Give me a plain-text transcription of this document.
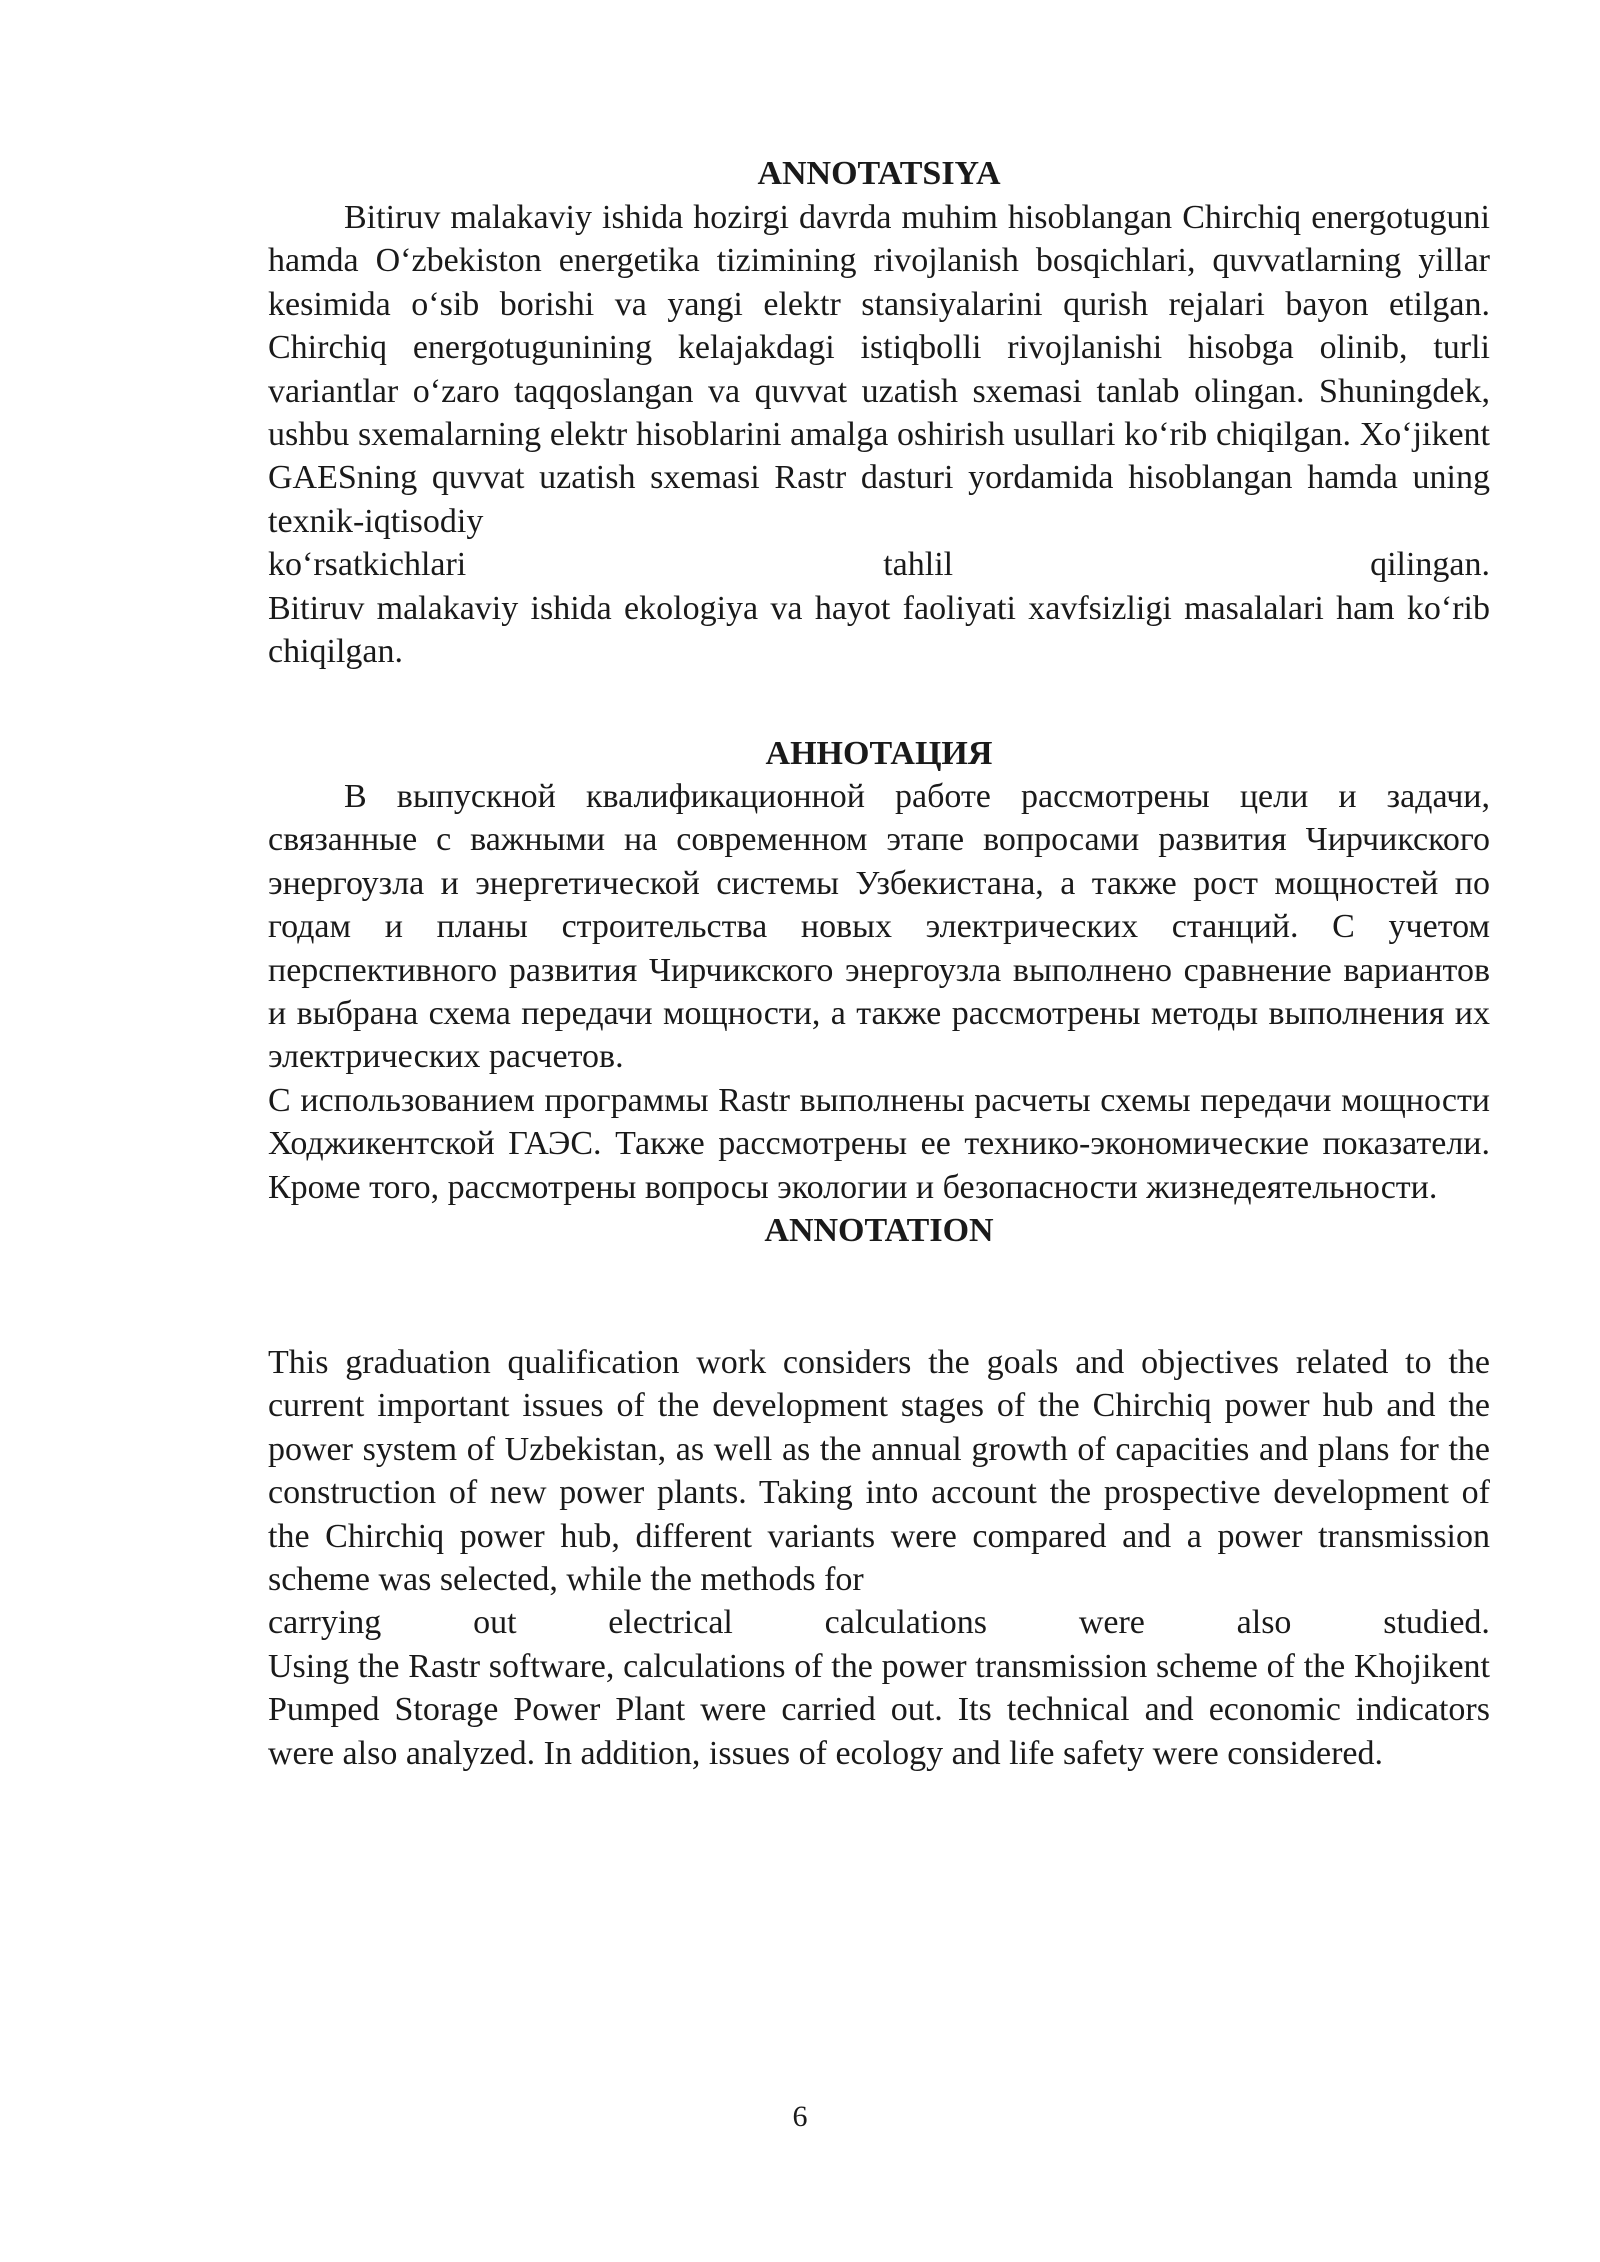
ANNOTATSIYA

Bitiruv malakaviy ishida hozirgi davrda muhim hisoblangan Chirchiq energotuguni hamda O‘zbekiston energetika tizimining rivojlanish bosqichlari, quvvatlarning yillar kesimida o‘sib borishi va yangi elektr stansiyalarini qurish rejalari bayon etilgan. Chirchiq energotugunining kelajakdagi istiqbolli rivojlanishi hisobga olinib, turli variantlar o‘zaro taqqoslangan va quvvat uzatish sxemasi tanlab olingan. Shuningdek, ushbu sxemalarning elektr hisoblarini amalga oshirish usullari ko‘rib chiqilgan. Xo‘jikent GAESning quvvat uzatish sxemasi Rastr dasturi yordamida hisoblangan hamda uning texnik-iqtisodiy

ko‘rsatkichlari	tahlil	qilingan.

Bitiruv malakaviy ishida ekologiya va hayot faoliyati xavfsizligi masalalari ham ko‘rib chiqilgan.

АННОТАЦИЯ

В выпускной квалификационной работе рассмотрены цели и задачи, связанные с важными на современном этапе вопросами развития Чирчикского энергоузла и энергетической системы Узбекистана, а также рост мощностей по годам и планы строительства новых электрических станций. С учетом перспективного развития Чирчикского энергоузла выполнено сравнение вариантов и выбрана схема передачи мощности, а также рассмотрены методы выполнения их электрических расчетов.

С использованием программы Rastr выполнены расчеты схемы передачи мощности Ходжикентской ГАЭС. Также рассмотрены ее технико-экономические показатели. Кроме того, рассмотрены вопросы экологии и безопасности жизнедеятельности.

ANNOTATION

This graduation qualification work considers the goals and objectives related to the current important issues of the development stages of the Chirchiq power hub and the power system of Uzbekistan, as well as the annual growth of capacities and plans for the construction of new power plants. Taking into account the prospective development of the Chirchiq power hub, different variants were compared and a power transmission scheme was selected, while the methods for

carrying	out	electrical	calculations	were	also	studied.

Using the Rastr software, calculations of the power transmission scheme of the Khojikent Pumped Storage Power Plant were carried out. Its technical and economic indicators were also analyzed. In addition, issues of ecology and life safety were considered.

6
